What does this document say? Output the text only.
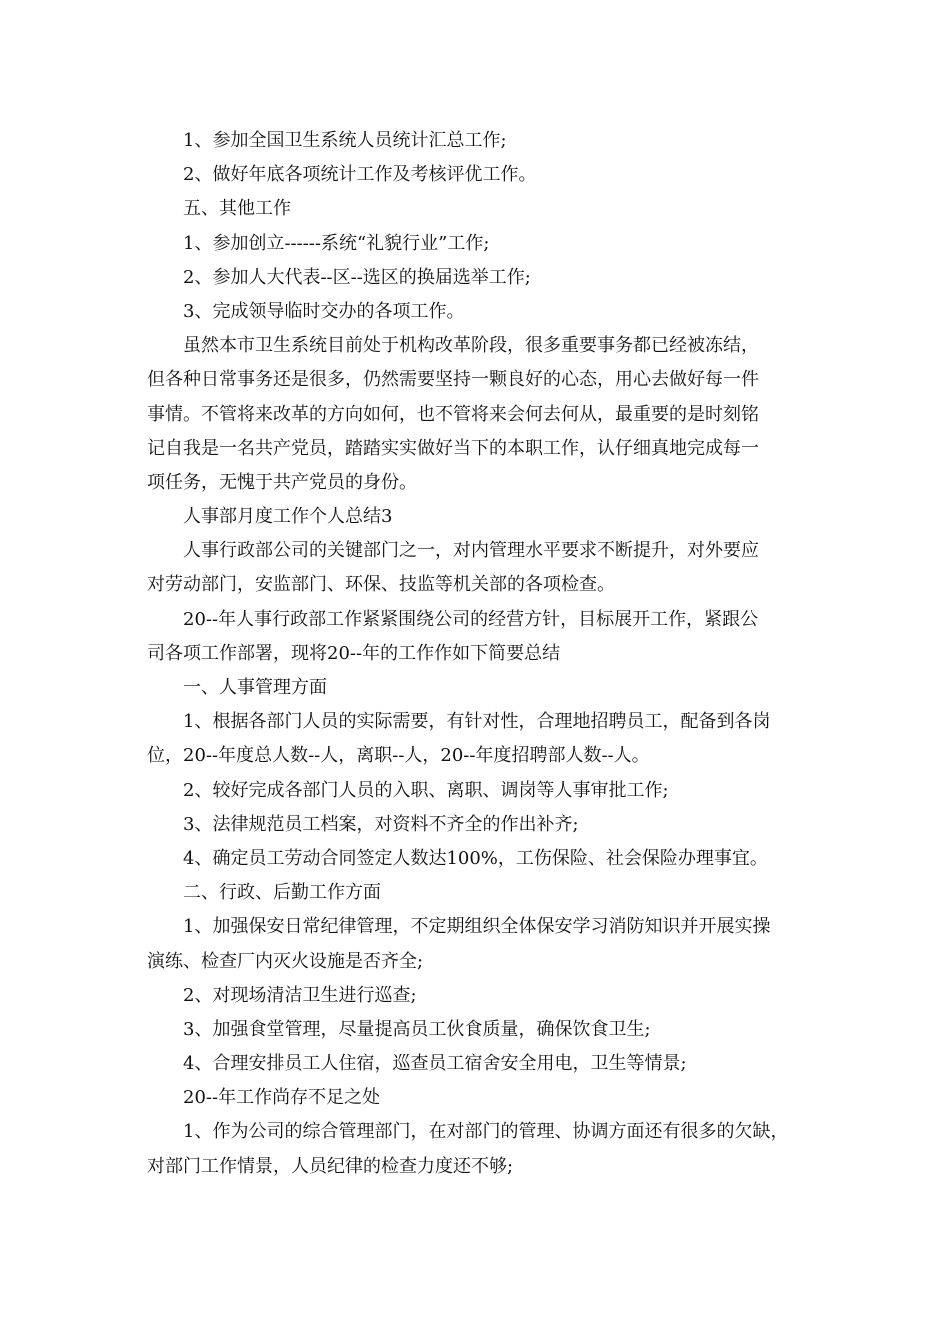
1、参加全国卫生系统人员统计汇总工作;
2、做好年底各项统计工作及考核评优工作。
五、其他工作
1、参加创立------系统“礼貌行业”工作;
2、参加人大代表--区--选区的换届选举工作;
3、完成领导临时交办的各项工作。
虽然本市卫生系统目前处于机构改革阶段，很多重要事务都已经被冻结，
但各种日常事务还是很多，仍然需要坚持一颗良好的心态，用心去做好每一件
事情。不管将来改革的方向如何，也不管将来会何去何从，最重要的是时刻铭
记自我是一名共产党员，踏踏实实做好当下的本职工作，认仔细真地完成每一
项任务，无愧于共产党员的身份。
人事部月度工作个人总结3
人事行政部公司的关键部门之一，对内管理水平要求不断提升，对外要应
对劳动部门，安监部门、环保、技监等机关部的各项检查。
20--年人事行政部工作紧紧围绕公司的经营方针，目标展开工作，紧跟公
司各项工作部署，现将20--年的工作作如下简要总结
一、人事管理方面
1、根据各部门人员的实际需要，有针对性，合理地招聘员工，配备到各岗
位，20--年度总人数--人，离职--人，20--年度招聘部人数--人。
2、较好完成各部门人员的入职、离职、调岗等人事审批工作;
3、法律规范员工档案，对资料不齐全的作出补齐;
4、确定员工劳动合同签定人数达100%，工伤保险、社会保险办理事宜。
二、行政、后勤工作方面
1、加强保安日常纪律管理，不定期组织全体保安学习消防知识并开展实操
演练、检查厂内灭火设施是否齐全;
2、对现场清洁卫生进行巡查;
3、加强食堂管理，尽量提高员工伙食质量，确保饮食卫生;
4、合理安排员工人住宿，巡查员工宿舍安全用电，卫生等情景;
20--年工作尚存不足之处
1、作为公司的综合管理部门，在对部门的管理、协调方面还有很多的欠缺，
对部门工作情景，人员纪律的检查力度还不够;
